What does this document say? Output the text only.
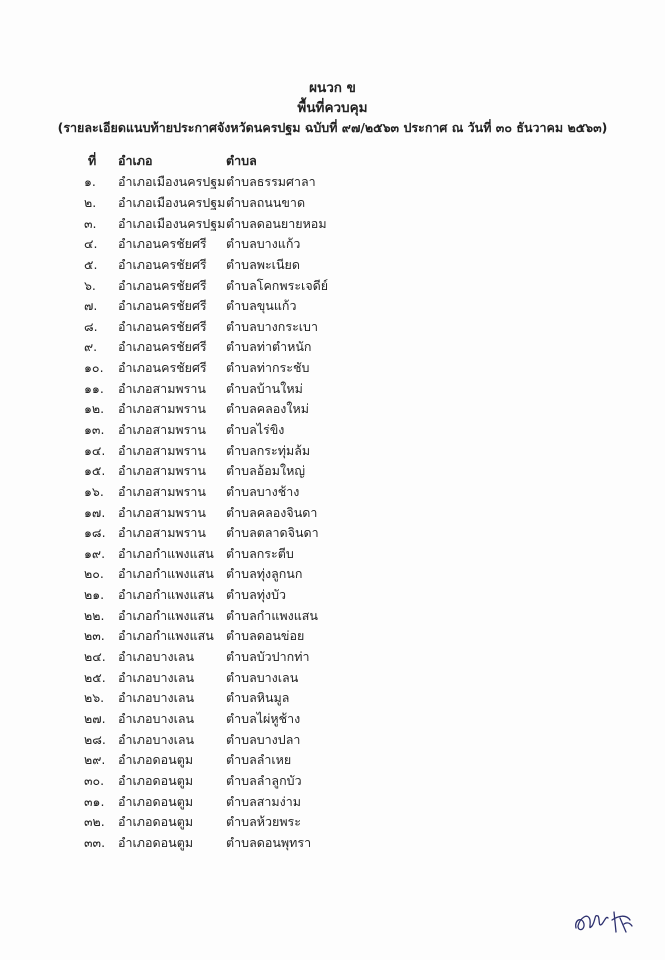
ผนวก ข
พื้นที่ควบคุม
(รายละเอียดแนบท้ายประกาศจังหวัดนครปฐม ฉบับที่ ๙๗/๒๕๖๓ ประกาศ ณ วันที่ ๓๐ ธันวาคม ๒๕๖๓)
ที่	อำเภอ	ตำบล
๑.	อำเภอเมืองนครปฐม ตำบลธรรมศาลา
๒.	อำเภอเมืองนครปฐม ตำบลถนนขาด
๓.	อำเภอเมืองนครปฐม ตำบลดอนยายหอม
๔.	อำเภอนครชัยศรี	ตำบลบางแก้ว
๕.	อำเภอนครชัยศรี	ตำบลพะเนียด
๖.	อำเภอนครชัยศรี	ตำบลโคกพระเจดีย์
๗.	อำเภอนครชัยศรี	ตำบลขุนแก้ว
๘.	อำเภอนครชัยศรี	ตำบลบางกระเบา
๙.	อำเภอนครชัยศรี	ตำบลท่าตำหนัก
๑๐.	อำเภอนครชัยศรี	ตำบลท่ากระชับ
๑๑.	อำเภอสามพราน	ตำบลบ้านใหม่
๑๒.	อำเภอสามพราน	ตำบลคลองใหม่
๑๓.	อำเภอสามพราน	ตำบลไร่ขิง
๑๔.	อำเภอสามพราน	ตำบลกระทุ่มล้ม
๑๕.	อำเภอสามพราน	ตำบลอ้อมใหญ่
๑๖.	อำเภอสามพราน	ตำบลบางช้าง
๑๗.	อำเภอสามพราน	ตำบลคลองจินดา
๑๘. อำเภอสามพราน	ตำบลตลาดจินดา
๑๙.	อำเภอกำแพงแสน ตำบลกระตีบ
๒๐.	อำเภอกำแพงแสน ตำบลทุ่งลูกนก
๒๑.	อำเภอกำแพงแสน ตำบลทุ่งบัว
๒๒.	อำเภอกำแพงแสน ตำบลกำแพงแสน
๒๓.	อำเภอกำแพงแสน ตำบลดอนข่อย
๒๔. อำเภอบางเลน	ตำบลบัวปากท่า
๒๕. อำเภอบางเลน	ตำบลบางเลน
๒๖.	อำเภอบางเลน	ตำบลหินมูล
๒๗. อำเภอบางเลน	ตำบลไผ่หูช้าง
๒๘. อำเภอบางเลน	ตำบลบางปลา
๒๙.	อำเภอดอนตูม	ตำบลลำเหย
๓๐.	อำเภอดอนตูม	ตำบลลำลูกบัว
๓๑.	อำเภอดอนตูม	ตำบลสามง่าม
๓๒.	อำเภอดอนตูม	ตำบลห้วยพระ
๓๓.	อำเภอดอนตูม	ตำบลดอนพุทรา
